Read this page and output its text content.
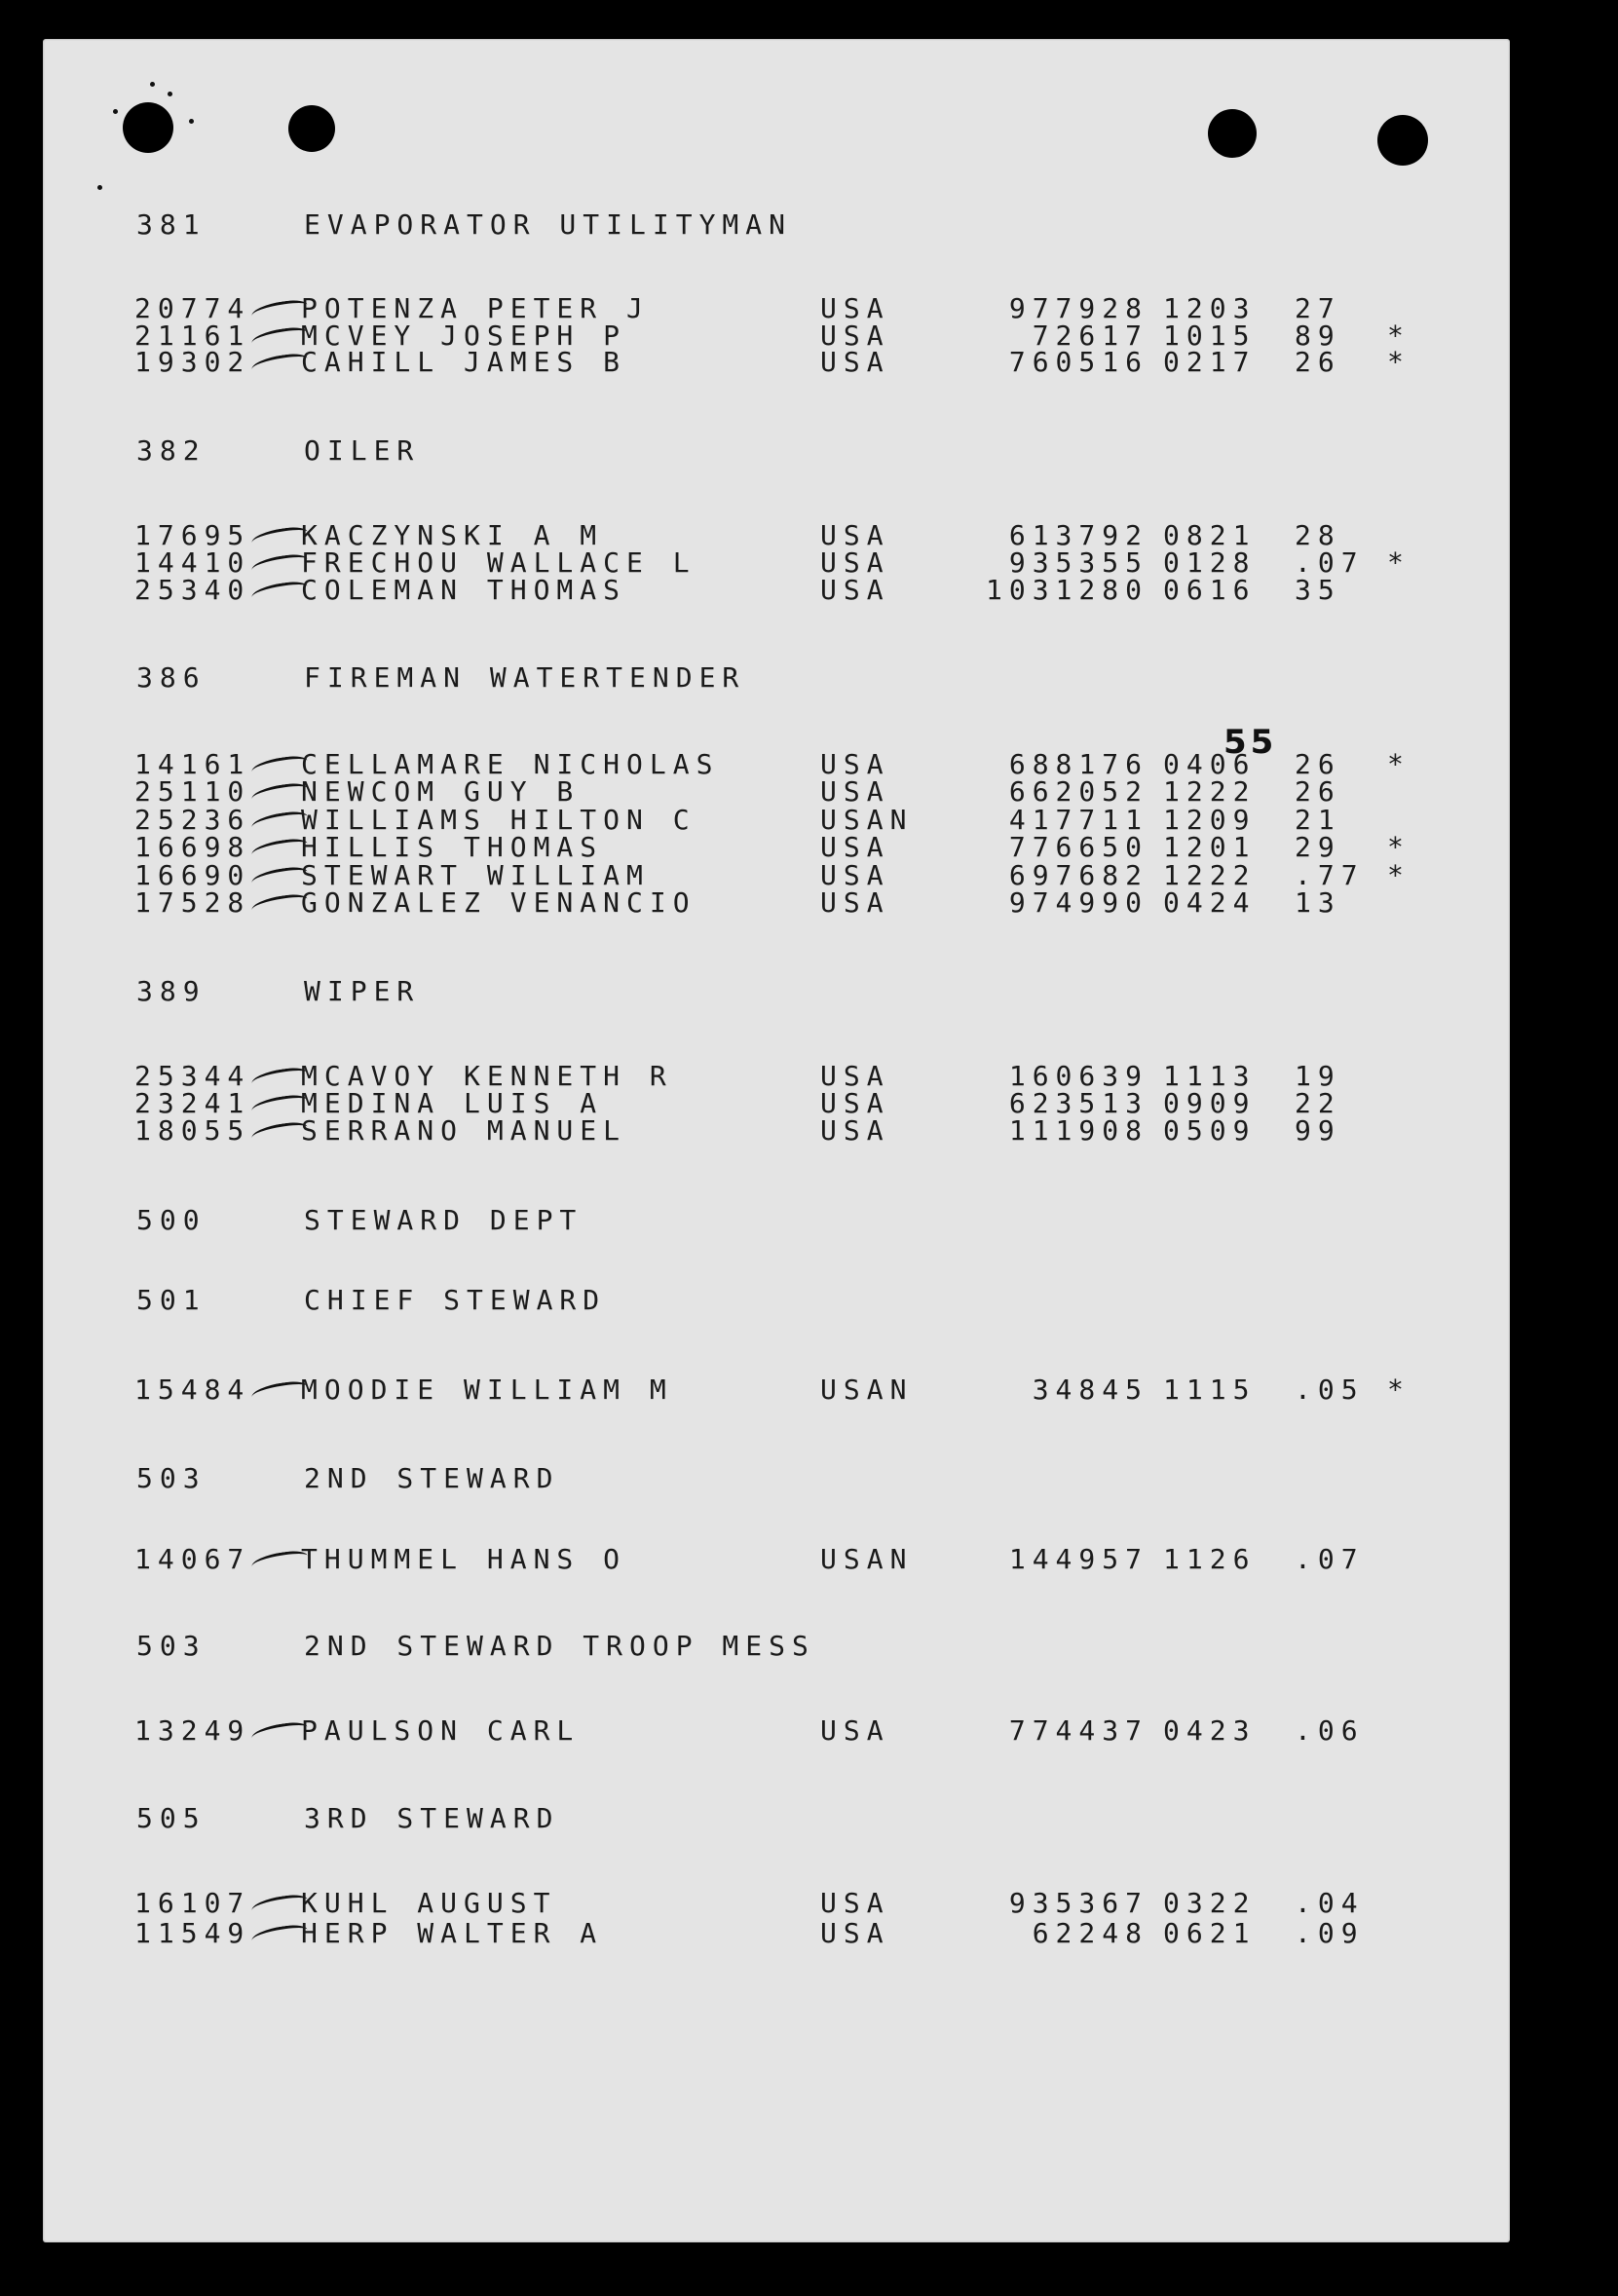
55
381	EVAPORATOR UTILITYMAN
20774 POTENZA PETER J	USA	977928 1203 27
21161 MCVEY JOSEPH P	USA	72617 1015 89 *
19302 CAHILL JAMES B	USA	760516 0217 26 *
382	OILER
17695 KACZYNSKI A M	USA	613792 0821 28
14410 FRECHOU WALLACE L	USA	935355 0128 .07 *
25340 COLEMAN THOMAS	USA	1031280 0616 35
386	FIREMAN WATERTENDER
14161 CELLAMARE NICHOLAS	USA	688176 0406 26 *
25110 NEWCOM GUY B	USA	662052 1222 26
25236 WILLIAMS HILTON C	USAN	417711 1209 21
16698 HILLIS THOMAS	USA	776650 1201 29 *
16690 STEWART WILLIAM	USA	697682 1222 .77 *
17528 GONZALEZ VENANCIO	USA	974990 0424 13
389	WIPER
25344 MCAVOY KENNETH R	USA	160639 1113 19
23241 MEDINA LUIS A	USA	623513 0909 22
18055 SERRANO MANUEL	USA	111908 0509 99
500	STEWARD DEPT
501	CHIEF STEWARD
15484 MOODIE WILLIAM M	USAN	34845 1115 .05 *
503	2ND STEWARD
14067 THUMMEL HANS O	USAN	144957 1126 .07
503	2ND STEWARD TROOP MESS
13249 PAULSON CARL	USA	774437 0423 .06
505	3RD STEWARD
16107 KUHL AUGUST	USA	935367 0322 .04
11549 HERP WALTER A	USA	62248 0621 .09
